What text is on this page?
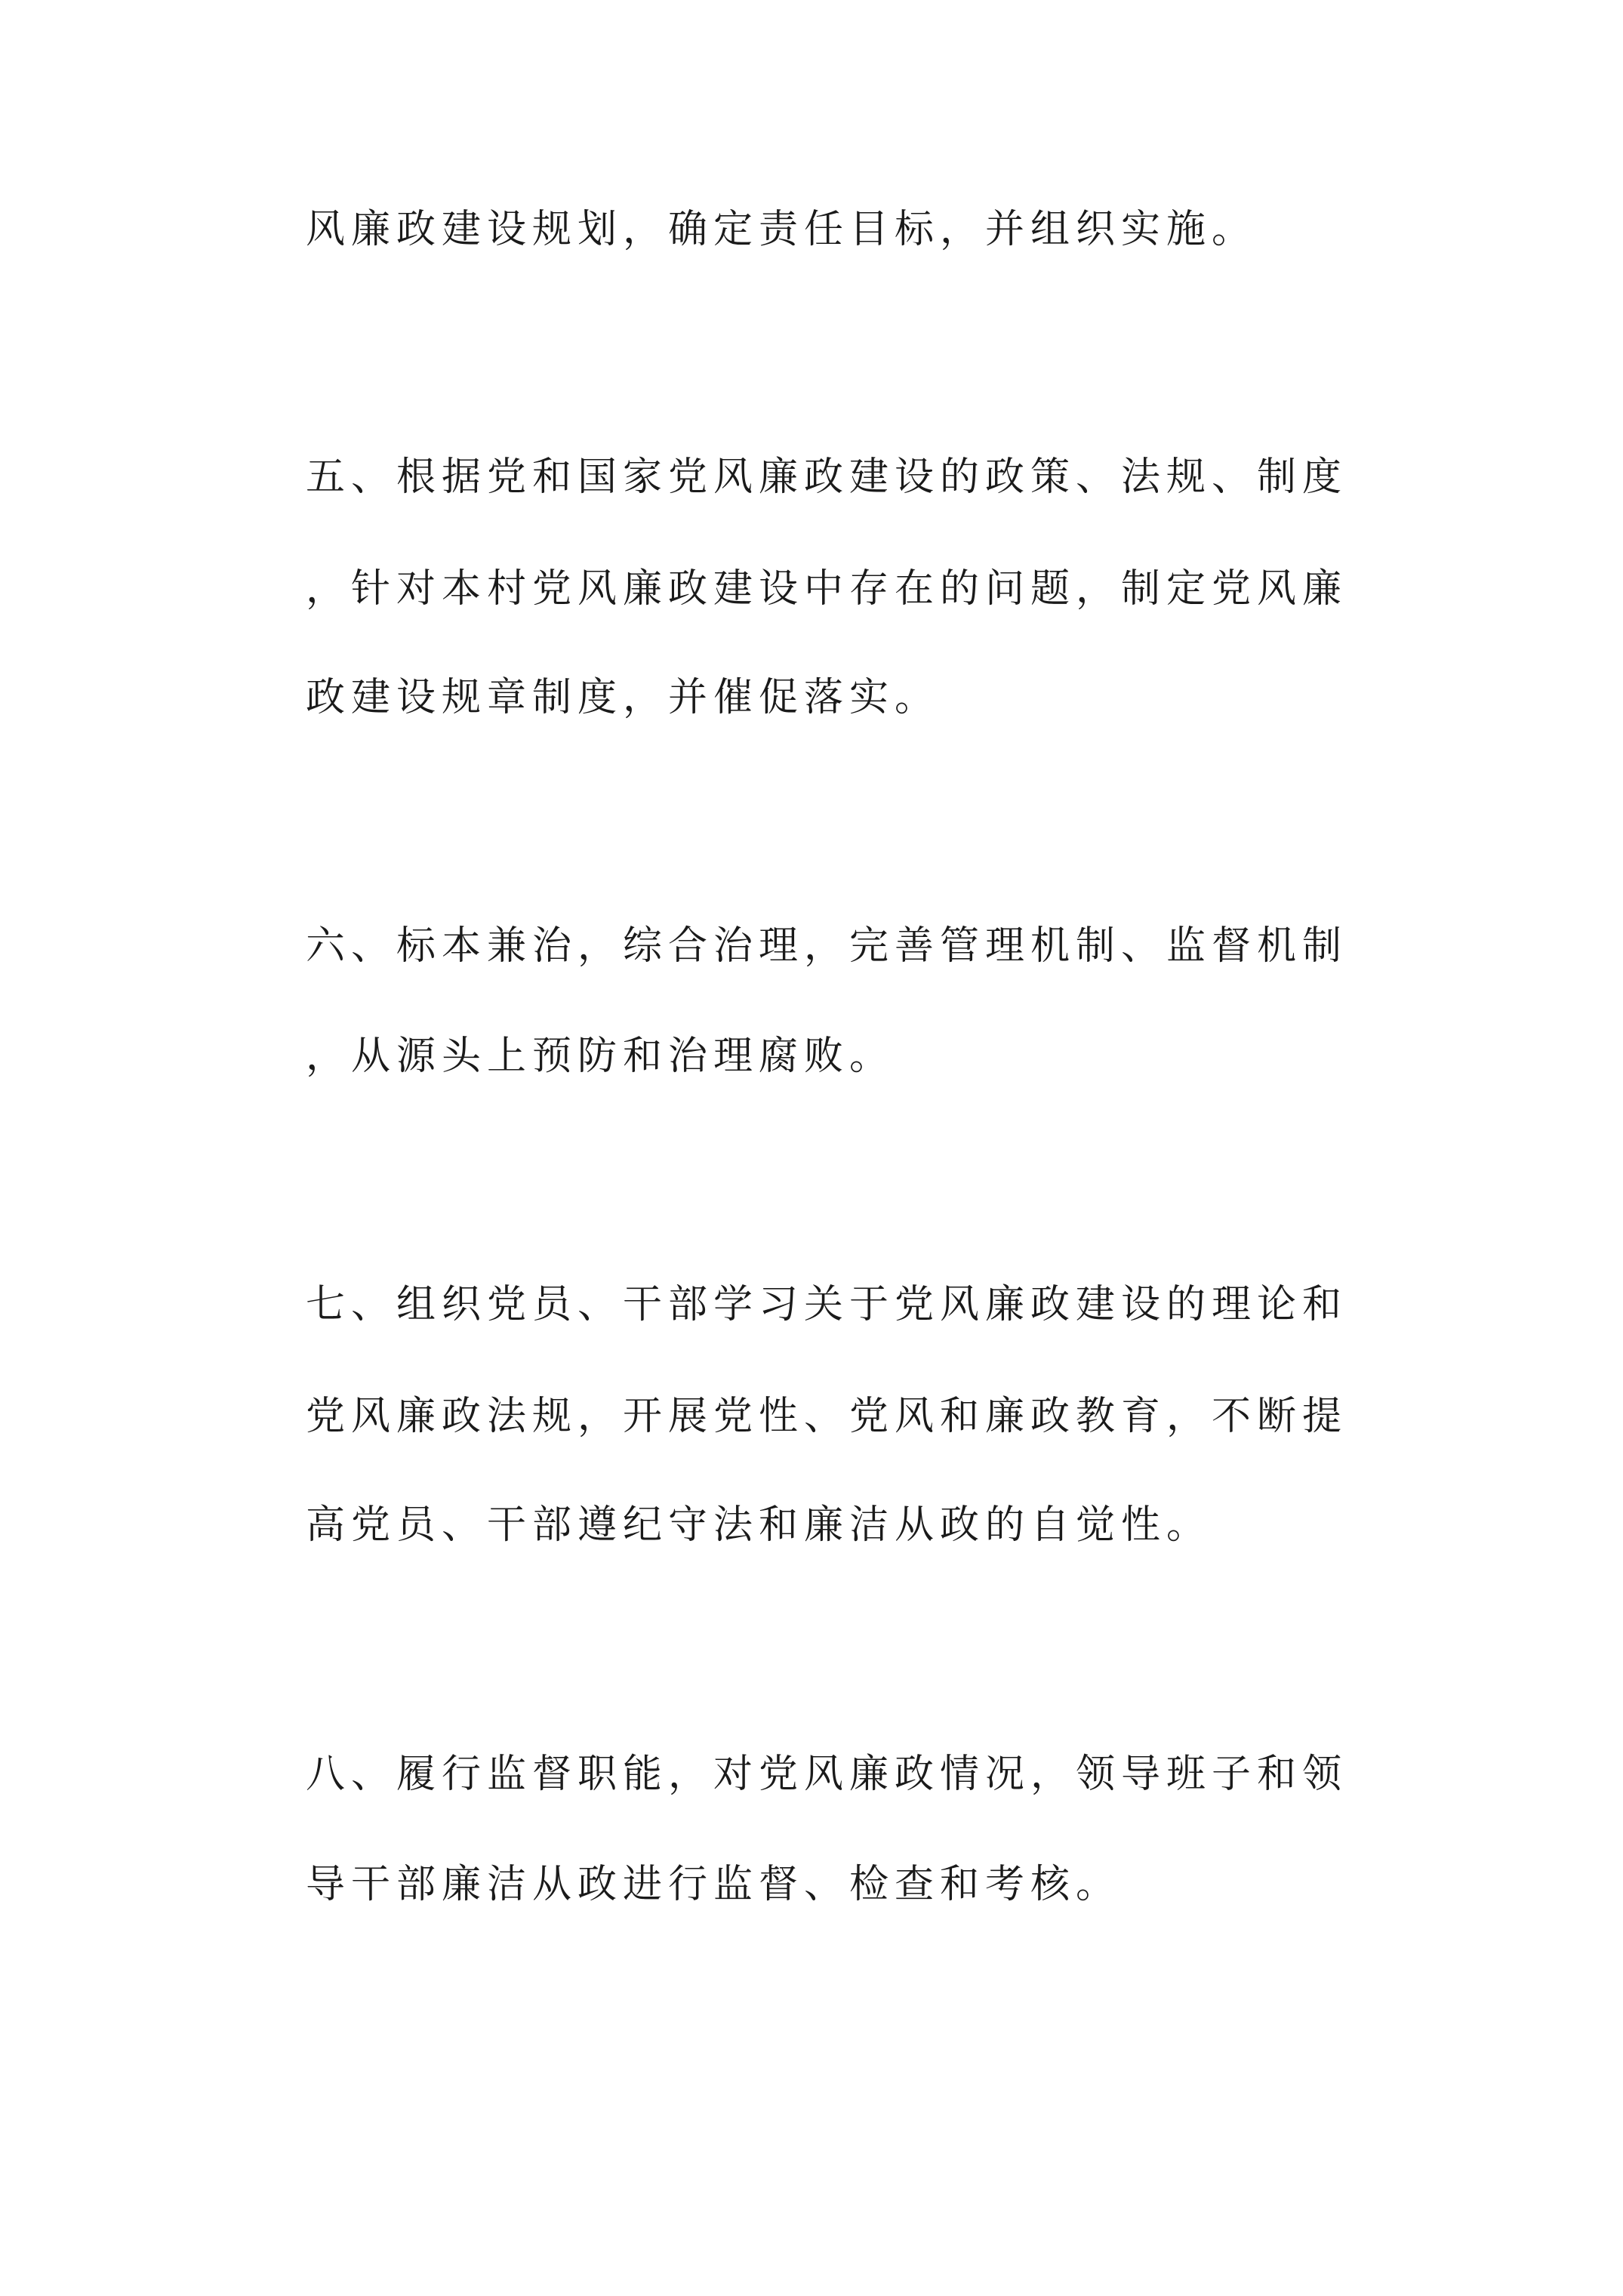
风廉政建设规划，确定责任目标，并组织实施。
五、根据党和国家党风廉政建设的政策、法规、制度
，针对本村党风廉政建设中存在的问题，制定党风廉
政建设规章制度，并催促落实。
六、标本兼治，综合治理，完善管理机制、监督机制
，从源头上预防和治理腐败。
七、组织党员、干部学习关于党风廉政建设的理论和
党风廉政法规，开展党性、党风和廉政教育，不断提
高党员、干部遵纪守法和廉洁从政的自觉性。
八、履行监督职能，对党风廉政情况，领导班子和领
导干部廉洁从政进行监督、检查和考核。
